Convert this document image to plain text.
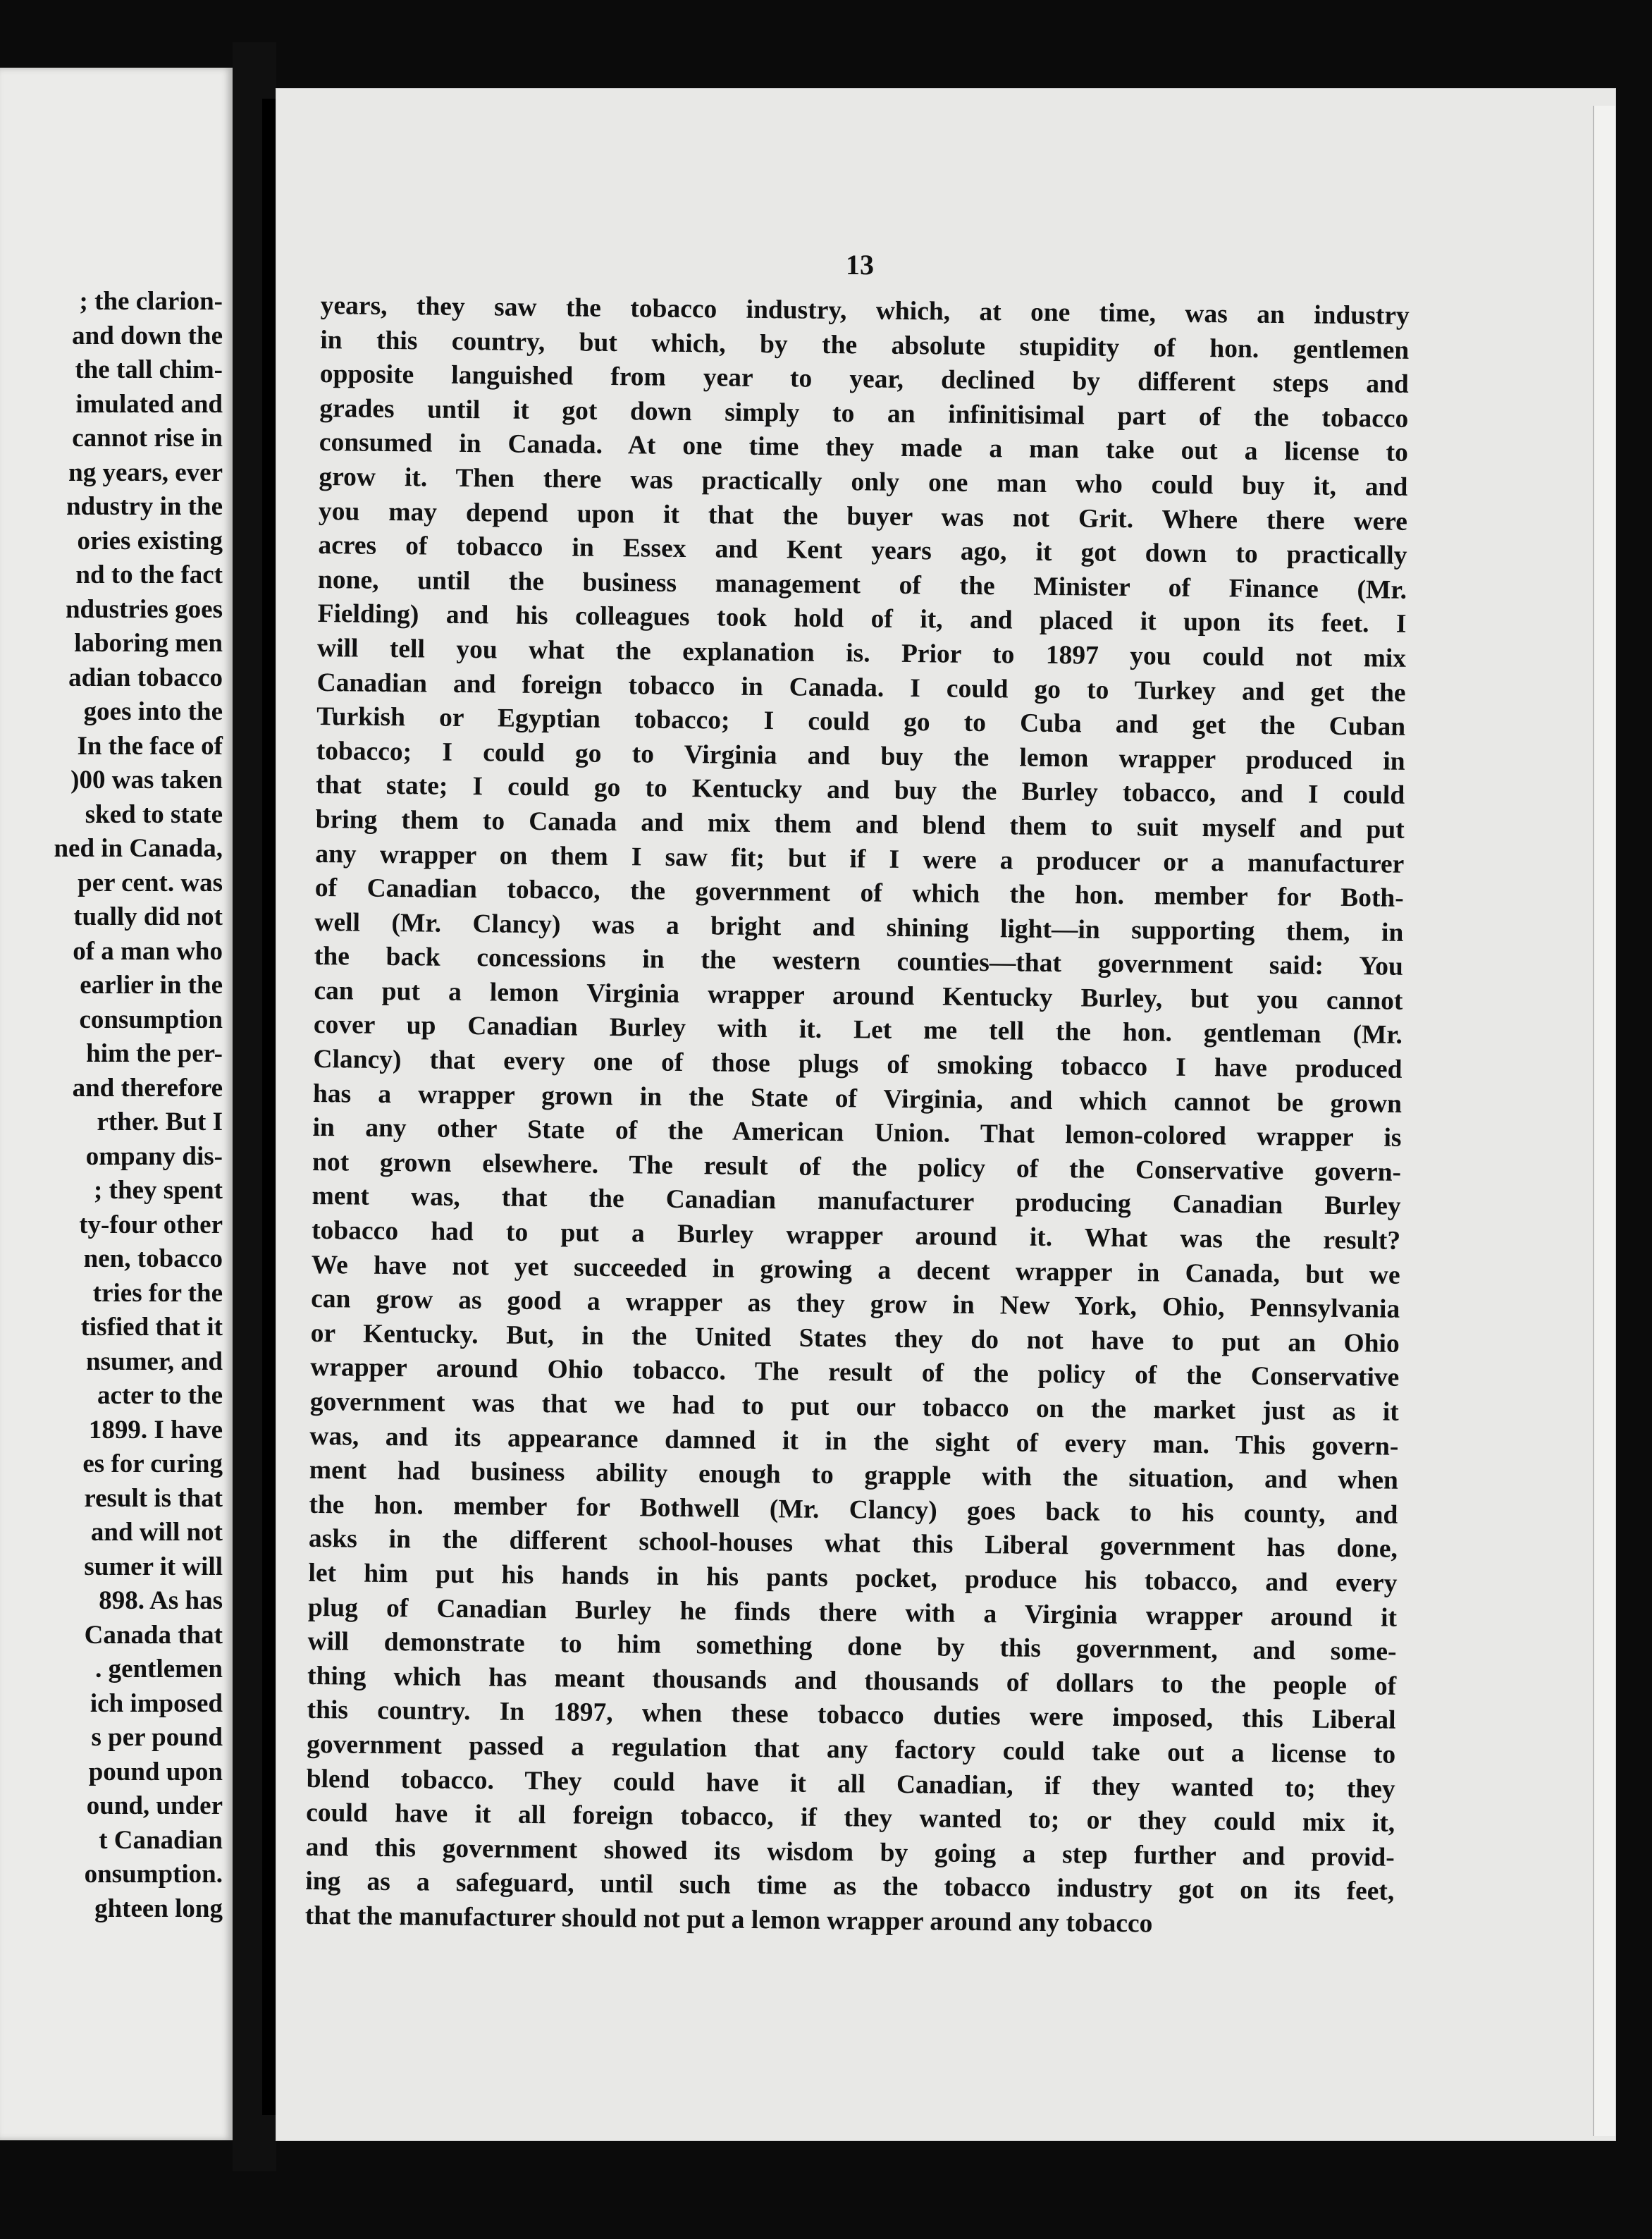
; the clarion-
and down the
the tall chim-
imulated and
cannot rise in
ng years, ever
ndustry in the
ories existing
nd to the fact
ndustries goes
laboring men
adian tobacco
goes into the
In the face of
)00 was taken
sked to state
ned in Canada,
per cent. was
tually did not
of a man who
earlier in the
consumption
him the per-
and therefore
rther. But I
ompany dis-
; they spent
ty-four other
nen, tobacco
tries for the
tisfied that it
nsumer, and
acter to the
1899. I have
es for curing
result is that
and will not
sumer it will
898. As has
Canada that
. gentlemen
ich imposed
s per pound
pound upon
ound, under
t Canadian
onsumption.
ghteen long
13
years, they saw the tobacco industry, which, at one time, was an industry
in this country, but which, by the absolute stupidity of hon. gentlemen
opposite languished from year to year, declined by different steps and
grades until it got down simply to an infinitisimal part of the tobacco
consumed in Canada. At one time they made a man take out a license to
grow it. Then there was practically only one man who could buy it, and
you may depend upon it that the buyer was not Grit. Where there were
acres of tobacco in Essex and Kent years ago, it got down to practically
none, until the business management of the Minister of Finance (Mr.
Fielding) and his colleagues took hold of it, and placed it upon its feet. I
will tell you what the explanation is. Prior to 1897 you could not mix
Canadian and foreign tobacco in Canada. I could go to Turkey and get the
Turkish or Egyptian tobacco; I could go to Cuba and get the Cuban
tobacco; I could go to Virginia and buy the lemon wrapper produced in
that state; I could go to Kentucky and buy the Burley tobacco, and I could
bring them to Canada and mix them and blend them to suit myself and put
any wrapper on them I saw fit; but if I were a producer or a manufacturer
of Canadian tobacco, the government of which the hon. member for Both-
well (Mr. Clancy) was a bright and shining light—in supporting them, in
the back concessions in the western counties—that government said: You
can put a lemon Virginia wrapper around Kentucky Burley, but you cannot
cover up Canadian Burley with it. Let me tell the hon. gentleman (Mr.
Clancy) that every one of those plugs of smoking tobacco I have produced
has a wrapper grown in the State of Virginia, and which cannot be grown
in any other State of the American Union. That lemon-colored wrapper is
not grown elsewhere. The result of the policy of the Conservative govern-
ment was, that the Canadian manufacturer producing Canadian Burley
tobacco had to put a Burley wrapper around it. What was the result?
We have not yet succeeded in growing a decent wrapper in Canada, but we
can grow as good a wrapper as they grow in New York, Ohio, Pennsylvania
or Kentucky. But, in the United States they do not have to put an Ohio
wrapper around Ohio tobacco. The result of the policy of the Conservative
government was that we had to put our tobacco on the market just as it
was, and its appearance damned it in the sight of every man. This govern-
ment had business ability enough to grapple with the situation, and when
the hon. member for Bothwell (Mr. Clancy) goes back to his county, and
asks in the different school-houses what this Liberal government has done,
let him put his hands in his pants pocket, produce his tobacco, and every
plug of Canadian Burley he finds there with a Virginia wrapper around it
will demonstrate to him something done by this government, and some-
thing which has meant thousands and thousands of dollars to the people of
this country. In 1897, when these tobacco duties were imposed, this Liberal
government passed a regulation that any factory could take out a license to
blend tobacco. They could have it all Canadian, if they wanted to; they
could have it all foreign tobacco, if they wanted to; or they could mix it,
and this government showed its wisdom by going a step further and provid-
ing as a safeguard, until such time as the tobacco industry got on its feet,
that the manufacturer should not put a lemon wrapper around any tobacco
